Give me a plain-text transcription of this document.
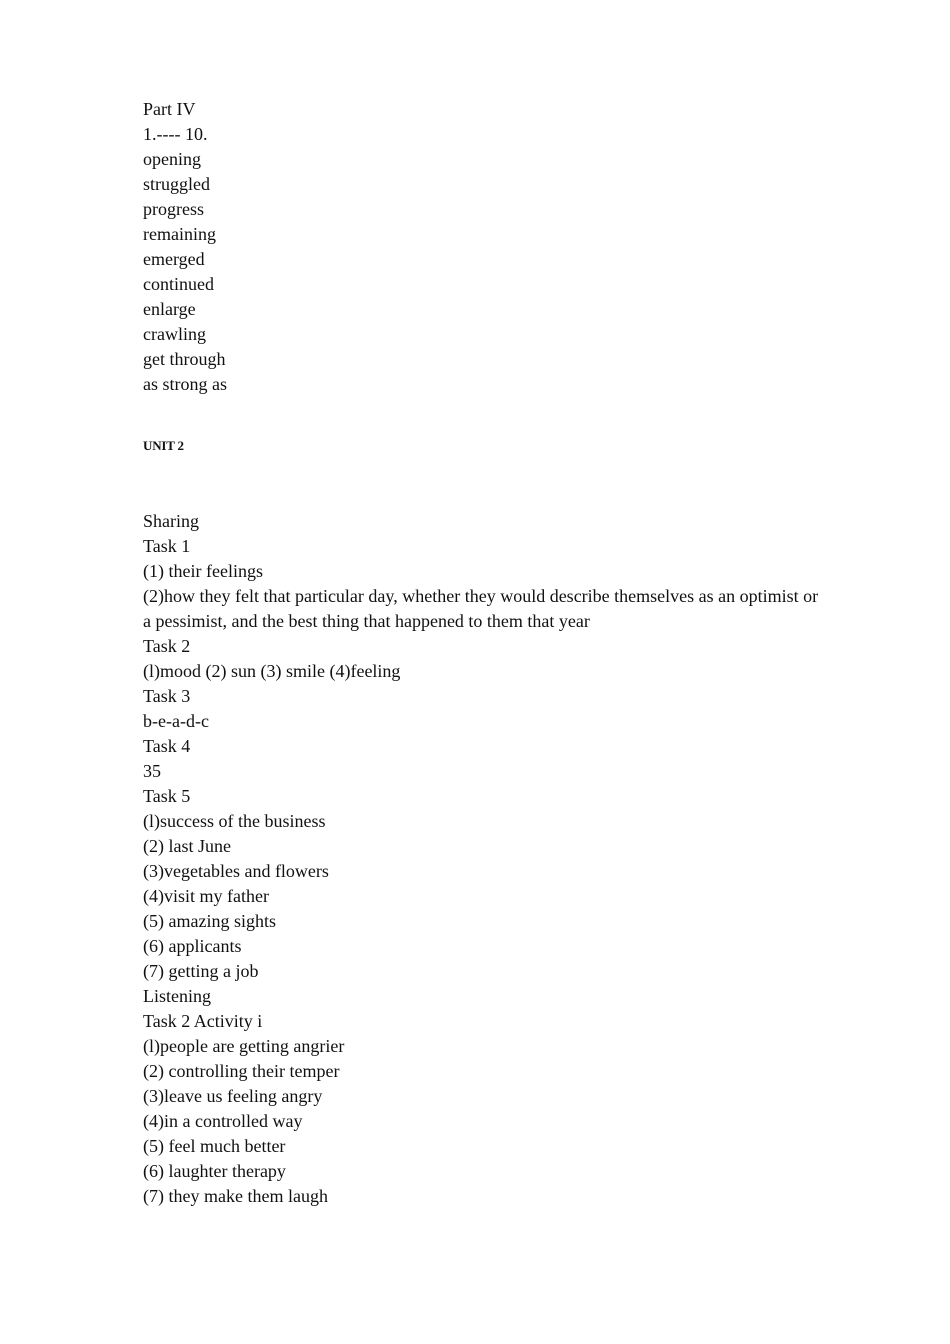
Part IV
1.---- 10.
opening
struggled
progress
remaining
emerged
continued
enlarge
crawling
get through
as strong as
UNIT 2
Sharing
Task 1
(1) their feelings
(2)how they felt that particular day, whether they would describe themselves as an optimist or a pessimist, and the best thing that happened to them that year
Task 2
(l)mood (2) sun (3) smile (4)feeling
Task 3
b-e-a-d-c
Task 4
35
Task 5
(l)success of the business
(2) last June
(3)vegetables and flowers
(4)visit my father
(5) amazing sights
(6) applicants
(7) getting a job
Listening
Task 2 Activity i
(l)people are getting angrier
(2) controlling their temper
(3)leave us feeling angry
(4)in a controlled way
(5) feel much better
(6) laughter therapy
(7) they make them laugh
